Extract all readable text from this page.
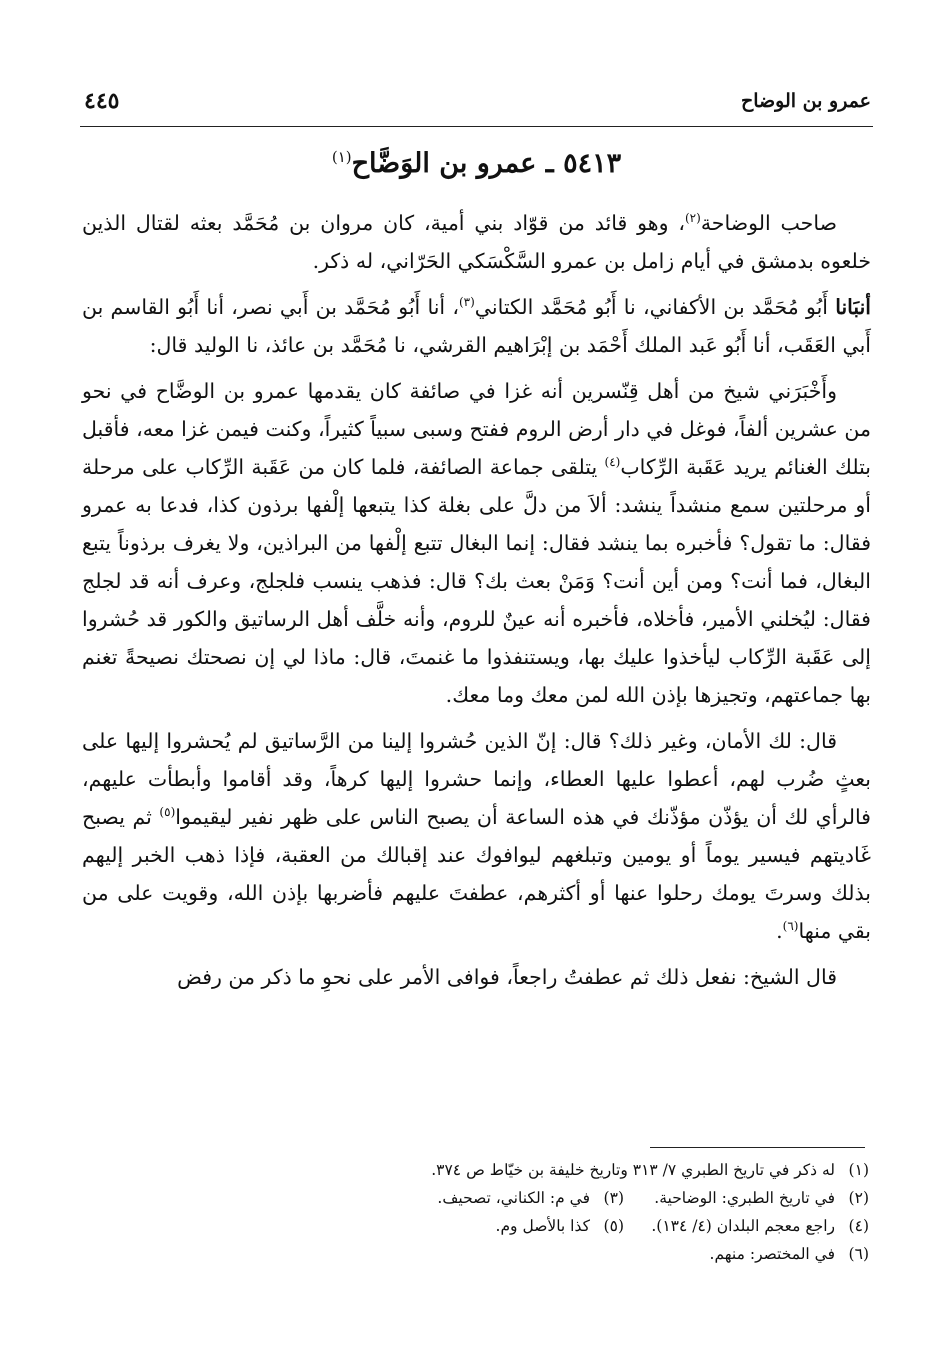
عمرو بن الوضاح
٤٤٥
٥٤١٣ ـ عمرو بن الوَضَّاح$^{(١)}$

صاحب الوضاحة$^{(٢)}$، وهو قائد من قوّاد بني أمية، كان مروان بن مُحَمَّد بعثه لقتال الذين خلعوه بدمشق في أيام زامل بن عمرو السَّكْسَكي الحَرّاني، له ذكر.

أنبَانا أَبُو مُحَمَّد بن الأكفاني، نا أَبُو مُحَمَّد الكتاني$^{(٣)}$، أنا أَبُو مُحَمَّد بن أَبي نصر، أنا أَبُو القاسم بن أَبي العَقَب، أنا أَبُو عَبد الملك أَحْمَد بن إبْرَاهيم القرشي، نا مُحَمَّد بن عائذ، نا الوليد قال:

وأَخْبَرَني شيخ من أهل قِنّسرين أنه غزا في صائفة كان يقدمها عمرو بن الوضَّاح في نحو من عشرين ألفاً، فوغل في دار أرض الروم ففتح وسبى سبياً كثيراً، وكنت فيمن غزا معه، فأقبل بتلك الغنائم يريد عَقَبة الرِّكاب$^{(٤)}$ يتلقى جماعة الصائفة، فلما كان من عَقَبة الرِّكاب على مرحلة أو مرحلتين سمع منشداً ينشد: ألاَ من دلَّ على بغلة كذا يتبعها إلْفها برذون كذا، فدعا به عمرو فقال: ما تقول؟ فأخبره بما ينشد فقال: إنما البغال تتبع إلْفها من البراذين، ولا يغرف برذوناً يتبع البغال، فما أنت؟ ومن أين أنت؟ وَمَنْ بعث بك؟ قال: فذهب ينسب فلجلج، وعرف أنه قد لجلج فقال: ليُخلني الأمير، فأخلاه، فأخبره أنه عينٌ للروم، وأنه خلَّف أهل الرساتيق والكور قد حُشروا إلى عَقَبة الرِّكاب ليأخذوا عليك بها، ويستنفذوا ما غنمتَ، قال: ماذا لي إن نصحتك نصيحةً تغنم بها جماعتهم، وتجيزها بإذن الله لمن معك وما معك.

قال: لك الأمان، وغير ذلك؟ قال: إنّ الذين حُشروا إلينا من الرَّساتيق لم يُحشروا إليها على بعثٍ ضُرب لهم، أعطوا عليها العطاء، وإنما حشروا إليها كرهاً، وقد أقاموا وأبطأت عليهم، فالرأي لك أن يؤذّن مؤذّنك في هذه الساعة أن يصبح الناس على ظهر نفير ليقيموا$^{(٥)}$ ثم يصبح غَاديتهم فيسير يوماً أو يومين وتبلغهم ليوافوك عند إقبالك من العقبة، فإذا ذهب الخبر إليهم بذلك وسرتَ يومك رحلوا عنها أو أكثرهم، عطفتَ عليهم فأضربها بإذن الله، وقويت على من بقي منها$^{(٦)}$.

قال الشيخ: نفعل ذلك ثم عطفتُ راجعاً، فوافى الأمر على نحوِ ما ذكر من رفض

(١)له ذكر في تاريخ الطبري ٧/ ٣١٣ وتاريخ خليفة بن خيّاط ص ٣٧٤.
(٢)في تاريخ الطبري: الوضاحية.
(٣)في م: الكناني، تصحيف.
(٤)راجع معجم البلدان (٤/ ١٣٤).
(٥)كذا بالأصل وم.
(٦)في المختصر: منهم.
